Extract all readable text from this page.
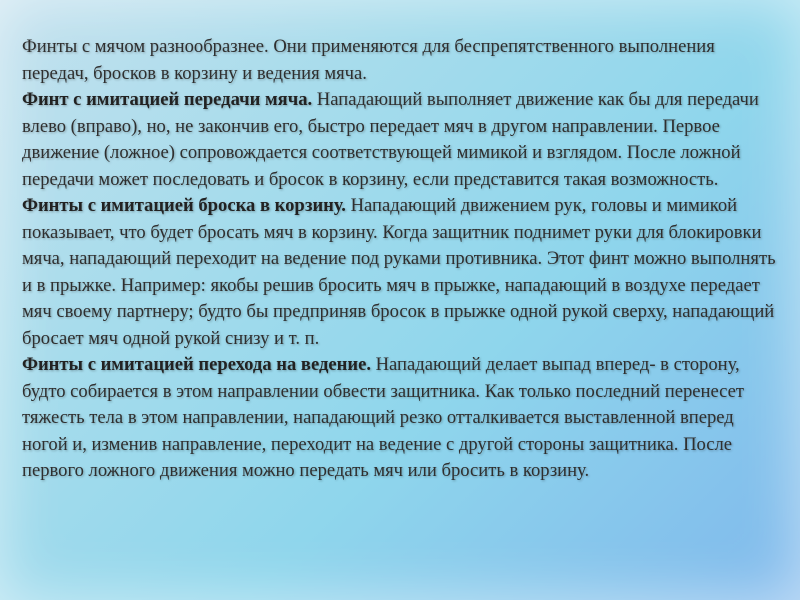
Финты с мячом разнообразнее. Они применяются для беспрепятственного выполнения передач, бросков в корзину и ведения мяча.

Финт с имитацией передачи мяча. Нападающий выполняет движение как бы для передачи влево (вправо), но, не закончив его, быстро передает мяч в другом направлении. Первое движение (ложное) сопровождается соответствующей мимикой и взглядом. После ложной передачи может последовать и бросок в корзину, если представится такая возможность.

Финты с имитацией броска в корзину. Нападающий движением рук, головы и мимикой показывает, что будет бросать мяч в корзину. Когда защитник поднимет руки для блокировки мяча, нападающий переходит на ведение под руками противника. Этот финт можно выполнять и в прыжке. Например: якобы решив бросить мяч в прыжке, нападающий в воздухе передает мяч своему партнеру; будто бы предприняв бросок в прыжке одной рукой сверху, нападающий бросает мяч одной рукой снизу и т. п.

Финты с имитацией перехода на ведение. Нападающий делает выпад вперед- в сторону, будто собирается в этом направлении обвести защитника. Как только последний перенесет тяжесть тела в этом направлении, нападающий резко отталкивается выставленной вперед ногой и, изменив направление, переходит на ведение с другой стороны защитника. После первого ложного движения можно передать мяч или бросить в корзину.
